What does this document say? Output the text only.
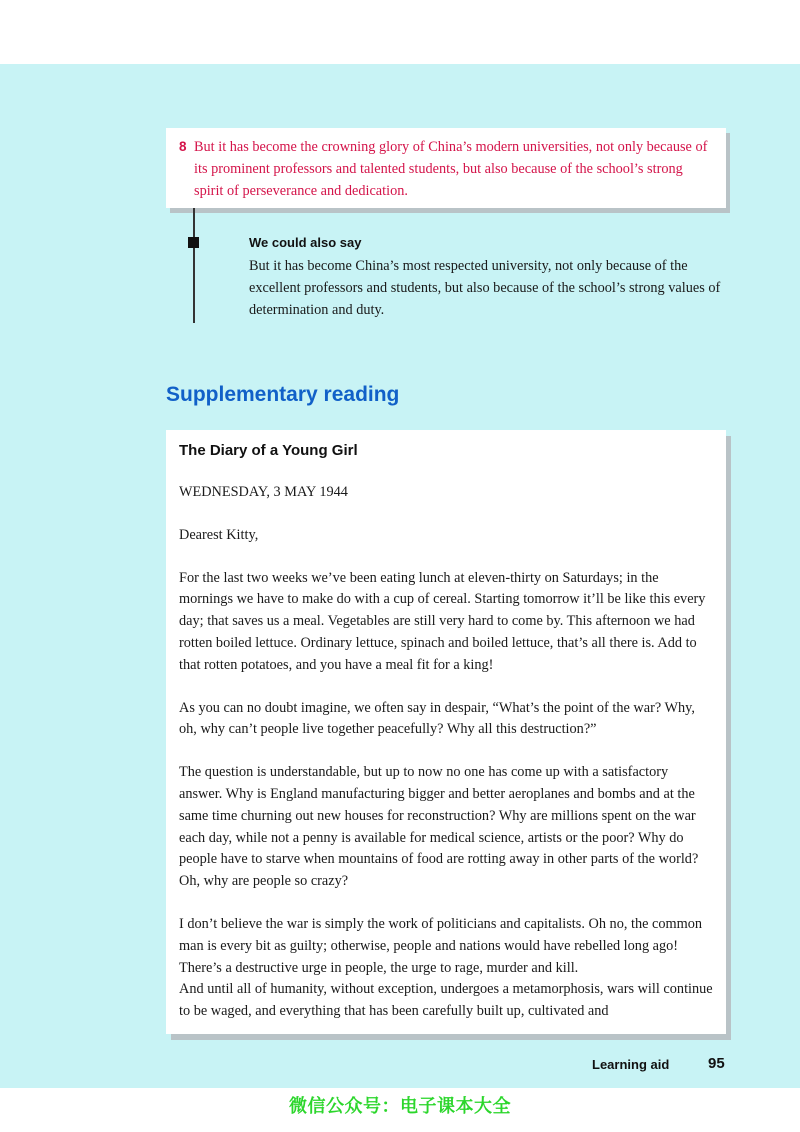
8 But it has become the crowning glory of China’s modern universities, not only because of its prominent professors and talented students, but also because of the school’s strong spirit of perseverance and dedication.
We could also say
But it has become China’s most respected university, not only because of the excellent professors and students, but also because of the school’s strong values of determination and duty.
Supplementary reading
The Diary of a Young Girl

WEDNESDAY, 3 MAY 1944

Dearest Kitty,

For the last two weeks we’ve been eating lunch at eleven-thirty on Saturdays; in the mornings we have to make do with a cup of cereal. Starting tomorrow it’ll be like this every day; that saves us a meal. Vegetables are still very hard to come by. This afternoon we had rotten boiled lettuce. Ordinary lettuce, spinach and boiled lettuce, that’s all there is. Add to that rotten potatoes, and you have a meal fit for a king!

As you can no doubt imagine, we often say in despair, “What’s the point of the war? Why, oh, why can’t people live together peacefully? Why all this destruction?”

The question is understandable, but up to now no one has come up with a satisfactory answer. Why is England manufacturing bigger and better aeroplanes and bombs and at the same time churning out new houses for reconstruction? Why are millions spent on the war each day, while not a penny is available for medical science, artists or the poor? Why do people have to starve when mountains of food are rotting away in other parts of the world? Oh, why are people so crazy?

I don’t believe the war is simply the work of politicians and capitalists. Oh no, the common man is every bit as guilty; otherwise, people and nations would have rebelled long ago! There’s a destructive urge in people, the urge to rage, murder and kill.

And until all of humanity, without exception, undergoes a metamorphosis, wars will continue to be waged, and everything that has been carefully built up, cultivated and

Learning aid	95
微信公众号：电子课本大全
